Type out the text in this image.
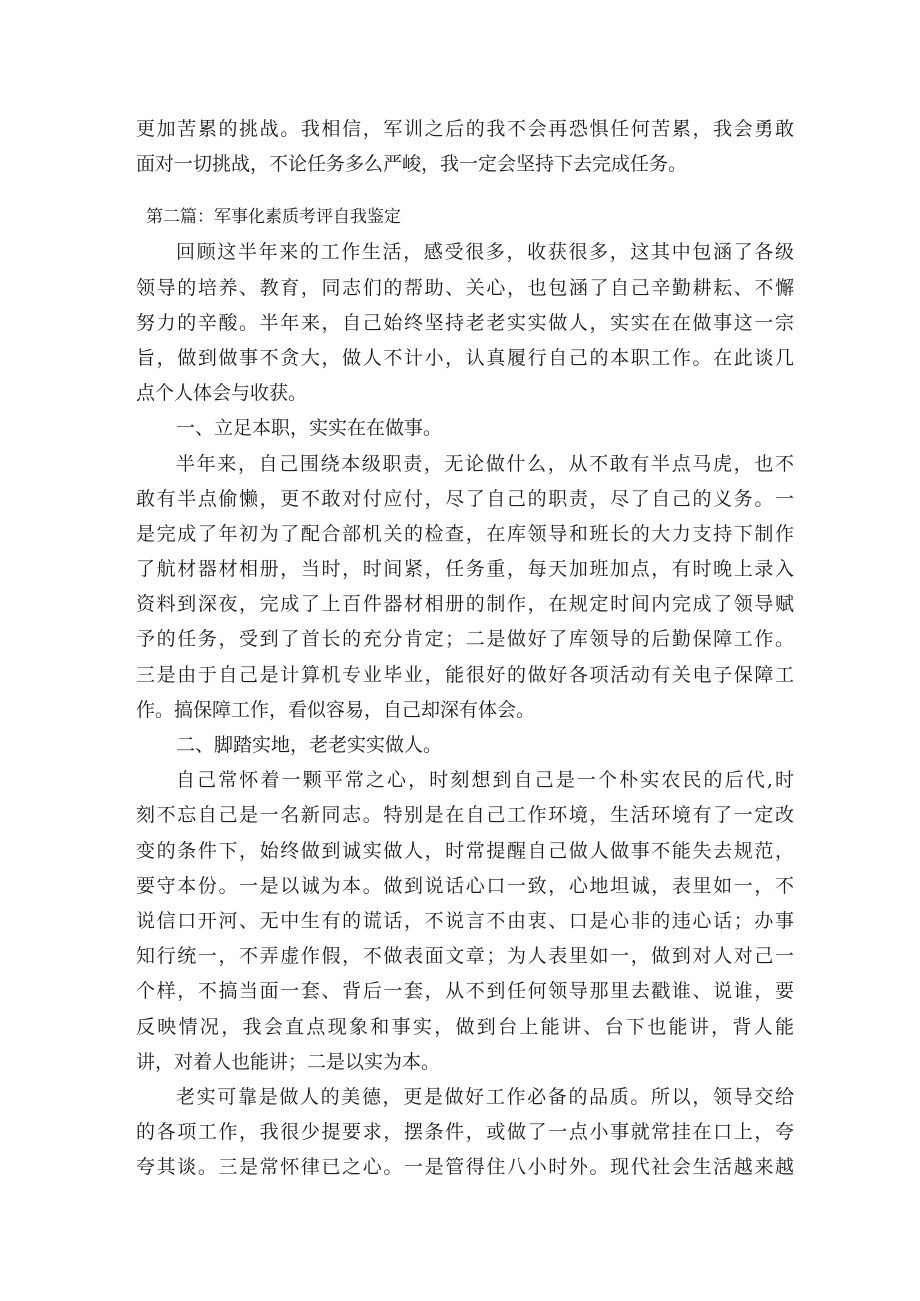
更加苦累的挑战。我相信，军训之后的我不会再恐惧任何苦累，我会勇敢
面对一切挑战，不论任务多么严峻，我一定会坚持下去完成任务。
第二篇：军事化素质考评自我鉴定
回顾这半年来的工作生活，感受很多，收获很多，这其中包涵了各级
领导的培养、教育，同志们的帮助、关心，也包涵了自己辛勤耕耘、不懈
努力的辛酸。半年来，自己始终坚持老老实实做人，实实在在做事这一宗
旨，做到做事不贪大，做人不计小，认真履行自己的本职工作。在此谈几
点个人体会与收获。
一、立足本职，实实在在做事。
半年来，自己围绕本级职责，无论做什么，从不敢有半点马虎，也不
敢有半点偷懒，更不敢对付应付，尽了自己的职责，尽了自己的义务。一
是完成了年初为了配合部机关的检查，在库领导和班长的大力支持下制作
了航材器材相册，当时，时间紧，任务重，每天加班加点，有时晚上录入
资料到深夜，完成了上百件器材相册的制作，在规定时间内完成了领导赋
予的任务，受到了首长的充分肯定；二是做好了库领导的后勤保障工作。
三是由于自己是计算机专业毕业，能很好的做好各项活动有关电子保障工
作。搞保障工作，看似容易，自己却深有体会。
二、脚踏实地，老老实实做人。
自己常怀着一颗平常之心，时刻想到自己是一个朴实农民的后代,时
刻不忘自己是一名新同志。特别是在自己工作环境，生活环境有了一定改
变的条件下，始终做到诚实做人，时常提醒自己做人做事不能失去规范，
要守本份。一是以诚为本。做到说话心口一致，心地坦诚，表里如一，不
说信口开河、无中生有的谎话，不说言不由衷、口是心非的违心话；办事
知行统一，不弄虚作假，不做表面文章；为人表里如一，做到对人对己一
个样，不搞当面一套、背后一套，从不到任何领导那里去戳谁、说谁，要
反映情况，我会直点现象和事实，做到台上能讲、台下也能讲，背人能
讲，对着人也能讲；二是以实为本。
老实可靠是做人的美德，更是做好工作必备的品质。所以，领导交给
的各项工作，我很少提要求，摆条件，或做了一点小事就常挂在口上，夸
夸其谈。三是常怀律已之心。一是管得住八小时外。现代社会生活越来越
